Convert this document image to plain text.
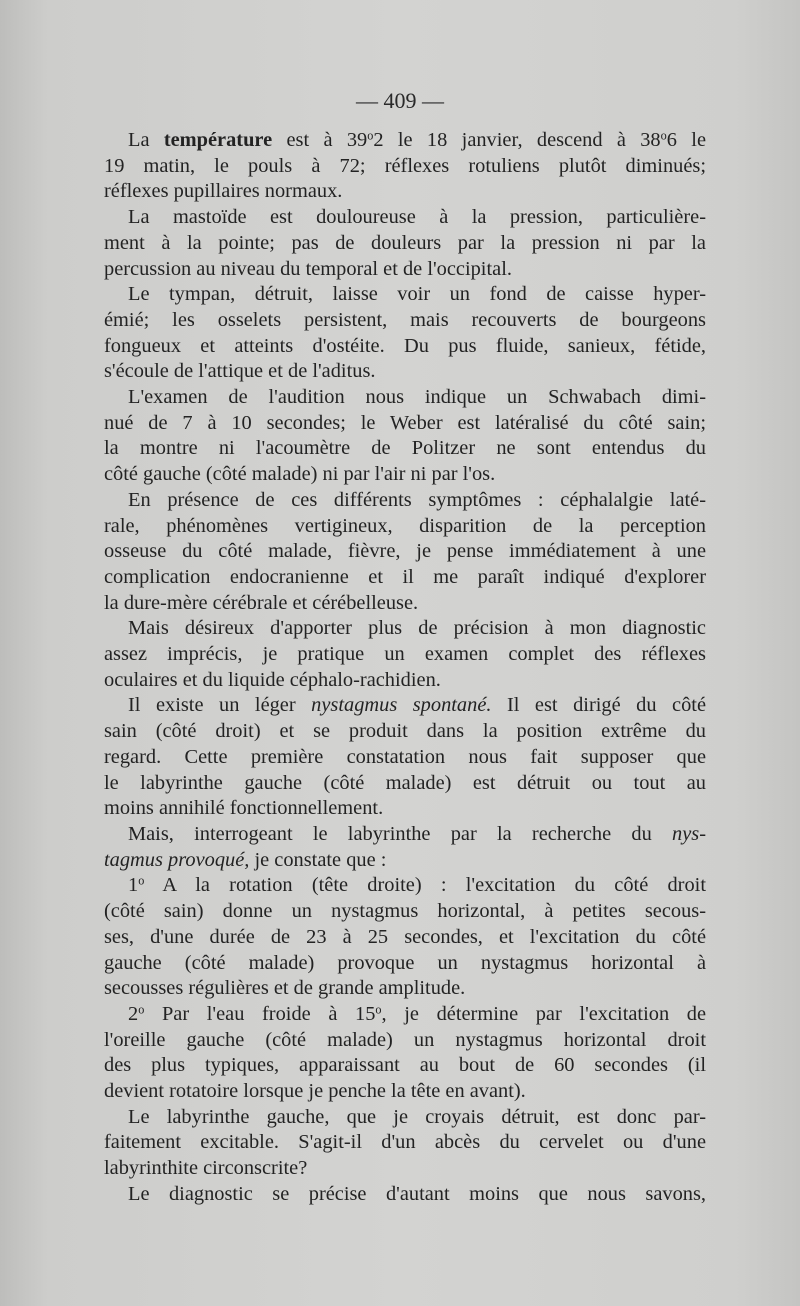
— 409 —
La température est à 39$^o$2 le 18 janvier, descend à 38$^o$6 le
19 matin, le pouls à 72; réflexes rotuliens plutôt diminués;
réflexes pupillaires normaux.
La mastoïde est douloureuse à la pression, particulière-
ment à la pointe; pas de douleurs par la pression ni par la
percussion au niveau du temporal et de l'occipital.
Le tympan, détruit, laisse voir un fond de caisse hyper-
émié; les osselets persistent, mais recouverts de bourgeons
fongueux et atteints d'ostéite. Du pus fluide, sanieux, fétide,
s'écoule de l'attique et de l'aditus.
L'examen de l'audition nous indique un Schwabach dimi-
nué de 7 à 10 secondes; le Weber est latéralisé du côté sain;
la montre ni l'acoumètre de Politzer ne sont entendus du
côté gauche (côté malade) ni par l'air ni par l'os.
En présence de ces différents symptômes : céphalalgie laté-
rale, phénomènes vertigineux, disparition de la perception
osseuse du côté malade, fièvre, je pense immédiatement à une
complication endocranienne et il me paraît indiqué d'explorer
la dure-mère cérébrale et cérébelleuse.
Mais désireux d'apporter plus de précision à mon diagnostic
assez imprécis, je pratique un examen complet des réflexes
oculaires et du liquide céphalo-rachidien.
Il existe un léger nystagmus spontané. Il est dirigé du côté
sain (côté droit) et se produit dans la position extrême du
regard. Cette première constatation nous fait supposer que
le labyrinthe gauche (côté malade) est détruit ou tout au
moins annihilé fonctionnellement.
Mais, interrogeant le labyrinthe par la recherche du nys-
tagmus provoqué, je constate que :
1$^o$ A la rotation (tête droite) : l'excitation du côté droit
(côté sain) donne un nystagmus horizontal, à petites secous-
ses, d'une durée de 23 à 25 secondes, et l'excitation du côté
gauche (côté malade) provoque un nystagmus horizontal à
secousses régulières et de grande amplitude.
2$^o$ Par l'eau froide à 15$^o$, je détermine par l'excitation de
l'oreille gauche (côté malade) un nystagmus horizontal droit
des plus typiques, apparaissant au bout de 60 secondes (il
devient rotatoire lorsque je penche la tête en avant).
Le labyrinthe gauche, que je croyais détruit, est donc par-
faitement excitable. S'agit-il d'un abcès du cervelet ou d'une
labyrinthite circonscrite?
Le diagnostic se précise d'autant moins que nous savons,
